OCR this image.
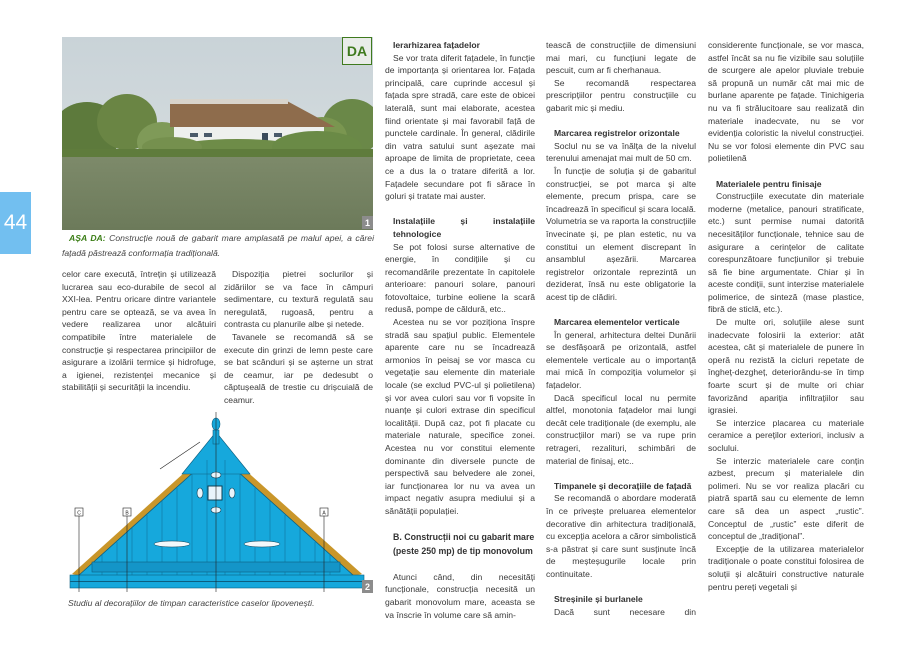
44
DA
1
AȘA DA: Construcție nouă de gabarit mare amplasată pe malul apei, a cărei fațadă păstrează conformația tradițională.

celor care execută, întrețin și utilizează lucrarea sau eco-durabile de secol al XXI-lea. Pentru oricare dintre variantele pentru care se optează, se va avea în vedere realizarea unor alcătuiri compatibile între materialele de construcție și respectarea principiilor de asigurare a izolării termice și hidrofuge, a igienei, rezistenței mecanice și stabilității și securității la incendiu.

Dispoziția pietrei soclurilor și zidăriilor se va face în câmpuri sedimentare, cu textură regulată sau neregulată, rugoasă, pentru a contrasta cu planurile albe și netede.

Tavanele se recomandă să se execute din grinzi de lemn peste care se bat scânduri și se așterne un strat de ceamur, iar pe dedesubt o căptușeală de trestie cu drișcuială de ceamur.

C	B	A
2
Studiu al decorațiilor de timpan caracteristice caselor lipovenești.
Ierarhizarea fațadelor

Se vor trata diferit fațadele, în funcție de importanța și orientarea lor. Fațada principală, care cuprinde accesul și fațada spre stradă, care este de obicei laterală, sunt mai elaborate, acestea fiind orientate și mai favorabil față de punctele cardinale. În general, clădirile din vatra satului sunt așezate mai aproape de limita de proprietate, ceea ce a dus la o tratare diferită a lor. Fațadele secundare pot fi sărace în goluri și tratate mai auster.

Instalațiile și instalațiile tehnologice

Se pot folosi surse alternative de energie, în condițiile și cu recomandările prezentate în capitolele anterioare: panouri solare, panouri fotovoltaice, turbine eoliene la scară redusă, pompe de căldură, etc..

Acestea nu se vor poziționa înspre stradă sau spațiul public. Elementele aparente care nu se încadrează armonios în peisaj se vor masca cu vegetație sau elemente din materiale locale (se exclud PVC-ul și polietilena) și vor avea culori sau vor fi vopsite în nuanțe și culori extrase din specificul localității. După caz, pot fi placate cu materiale naturale, specifice zonei. Acestea nu vor constitui elemente dominante din diversele puncte de perspectivă sau belvedere ale zonei, iar funcționarea lor nu va avea un impact negativ asupra mediului și a sănătății populației.

B. Construcții noi cu gabarit mare (peste 250 mp) de tip monovolum

Atunci când, din necesități funcționale, construcția necesită un gabarit monovolum mare, aceasta se va înscrie în volume care să amin-

tească de construcțiile de dimensiuni mai mari, cu funcțiuni legate de pescuit, cum ar fi cherhanaua.

Se recomandă respectarea prescripțiilor pentru construcțiile cu gabarit mic și mediu.

Marcarea registrelor orizontale

Soclul nu se va înălța de la nivelul terenului amenajat mai mult de 50 cm.

În funcție de soluția și de gabaritul construcției, se pot marca și alte elemente, precum prispa, care se încadrează în specificul și scara locală. Volumetria se va raporta la construcțiile învecinate și, pe plan estetic, nu va constitui un element discrepant în ansamblul așezării. Marcarea registrelor orizontale reprezintă un deziderat, însă nu este obligatorie la acest tip de clădiri.

Marcarea elementelor verticale

În general, arhitectura deltei Dunării se desfășoară pe orizontală, astfel elementele verticale au o importanță mai mică în compoziția volumelor și fațadelor.

Dacă specificul local nu permite altfel, monotonia fațadelor mai lungi decât cele tradiționale (de exemplu, ale construcțiilor mari) se va rupe prin retrageri, rezalituri, schimbări de material de finisaj, etc..

Timpanele și decorațiile de fațadă

Se recomandă o abordare moderată în ce privește preluarea elementelor decorative din arhitectura tradițională, cu excepția acelora a căror simbolistică s-a păstrat și care sunt susținute încă de meșteșugurile locale prin continuitate.

Streșinile și burlanele

Dacă sunt necesare din

considerente funcționale, se vor masca, astfel încât sa nu fie vizibile sau soluțiile de scurgere ale apelor pluviale trebuie să propună un număr cât mai mic de burlane aparente pe fațade. Tinichigeria nu va fi strălucitoare sau realizată din materiale inadecvate, nu se vor evidenția coloristic la nivelul construcției. Nu se vor folosi elemente din PVC sau polietilenă

Materialele pentru finisaje

Construcțiile executate din materiale moderne (metalice, panouri stratificate, etc.) sunt permise numai datorită necesităților funcționale, tehnice sau de asigurare a cerințelor de calitate corespunzătoare funcțiunilor și trebuie să fie bine argumentate. Chiar și în aceste condiții, sunt interzise materialele polimerice, de sinteză (mase plastice, fibră de sticlă, etc.).

De multe ori, soluțiile alese sunt inadecvate folosirii la exterior: atât acestea, cât și materialele de punere în operă nu rezistă la cicluri repetate de îngheț-dezgheț, deteriorându-se în timp foarte scurt și de multe ori chiar favorizând apariția infiltrațiilor sau igrasiei.

Se interzice placarea cu materiale ceramice a pereților exteriori, inclusiv a soclului.

Se interzic materialele care conțin azbest, precum și materialele din polimeri. Nu se vor realiza placări cu piatră spartă sau cu elemente de lemn care să dea un aspect „rustic”. Conceptul de „rustic” este diferit de conceptul de „tradițional”.

Excepție de la utilizarea materialelor tradiționale o poate constitui folosirea de soluții și alcătuiri constructive naturale pentru pereți vegetali și
